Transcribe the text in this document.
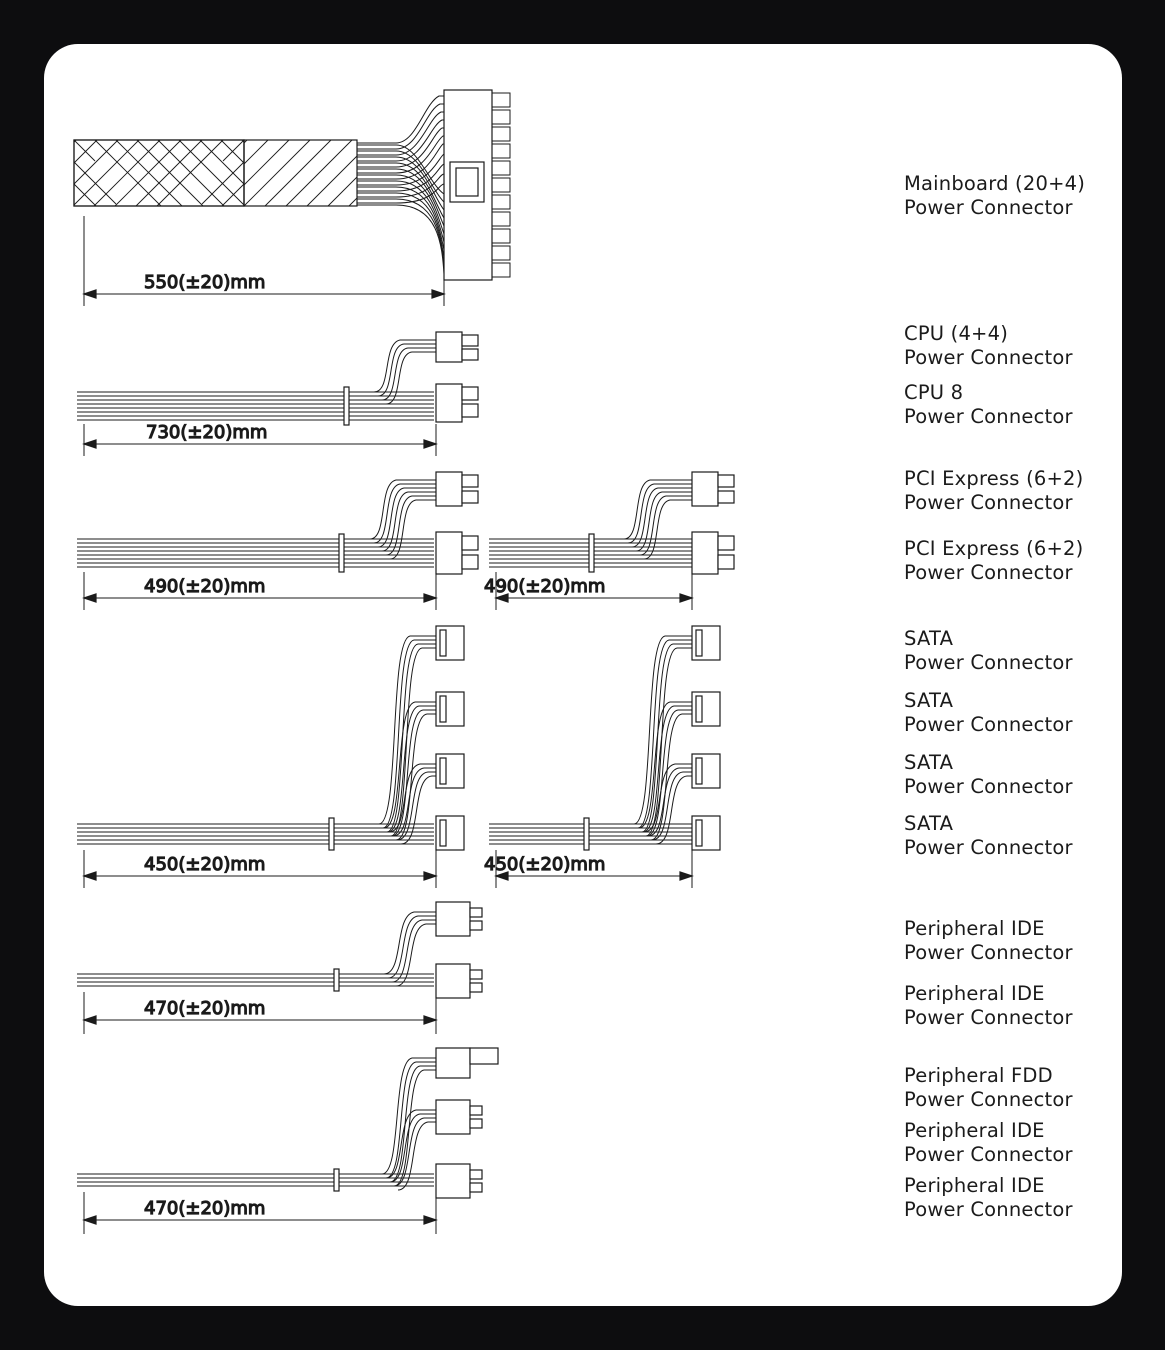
550(±20)mm
730(±20)mm
490(±20)mm	490(±20)mm
450(±20)mm	450(±20)mm
470(±20)mm
470(±20)mm
Mainboard (20+4)
Power Connector
CPU (4+4)
Power Connector
CPU 8
Power Connector
PCI Express (6+2)
Power Connector
PCI Express (6+2)
Power Connector
SATA
Power Connector
SATA
Power Connector
SATA
Power Connector
SATA
Power Connector
Peripheral IDE
Power Connector
Peripheral IDE
Power Connector
Peripheral FDD
Power Connector
Peripheral IDE
Power Connector
Peripheral IDE
Power Connector
